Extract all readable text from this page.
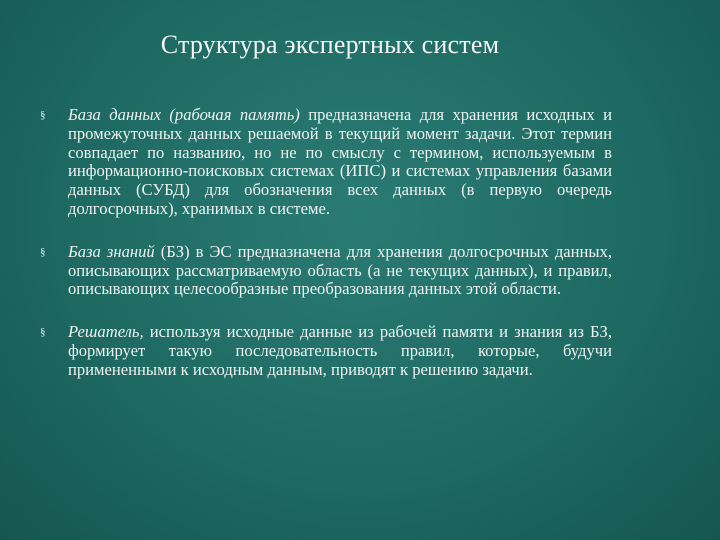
Структура экспертных систем
§ База данных (рабочая память) предназначена для хранения исходных и промежуточных данных решаемой в текущий момент задачи. Этот термин совпадает по названию, но не по смыслу с термином, используемым в информационно-поисковых системах (ИПС) и системах управления базами данных (СУБД) для обозначения всех данных (в первую очередь долгосрочных), хранимых в системе.
§ База знаний (БЗ) в ЭС предназначена для хранения долгосрочных данных, описывающих рассматриваемую область (а не текущих данных), и правил, описывающих целесообразные преобразования данных этой области.
§ Решатель, используя исходные данные из рабочей памяти и знания из БЗ, формирует такую последовательность правил, которые, будучи примененными к исходным данным, приводят к решению задачи.
